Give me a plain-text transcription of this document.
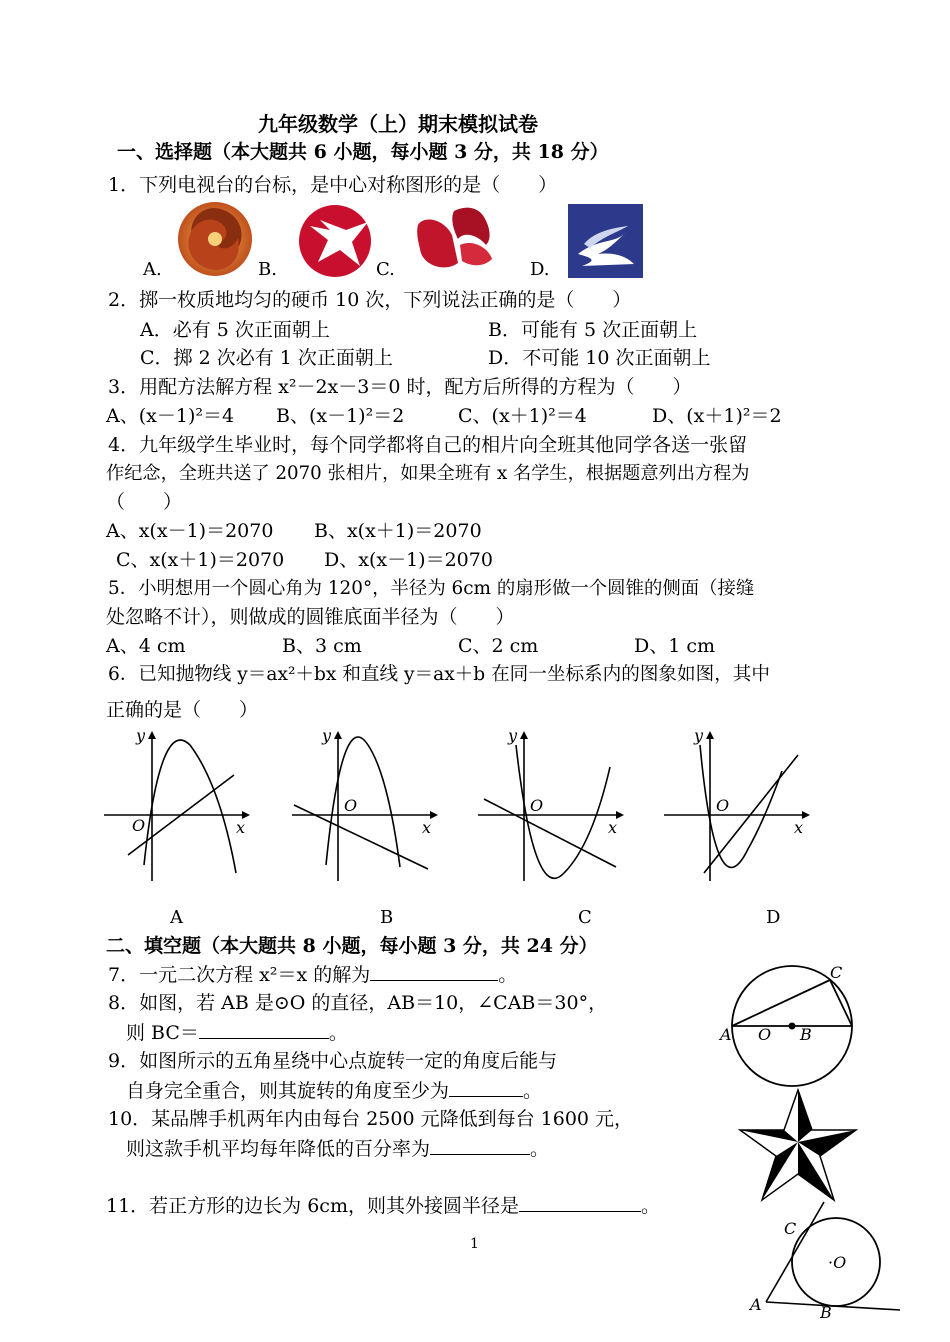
九年级数学（上）期末模拟试卷
一、选择题（本大题共 6 小题，每小题 3 分，共 18 分）
1．下列电视台的台标，是中心对称图形的是（　　）
A.	B.	C.	D.
2．掷一枚质地均匀的硬币 10 次，下列说法正确的是（　　）
A．必有 5 次正面朝上	B．可能有 5 次正面朝上
C．掷 2 次必有 1 次正面朝上	D．不可能 10 次正面朝上
3．用配方法解方程 x²－2x－3＝0 时，配方后所得的方程为（　　）
A、(x－1)²＝4 B、(x－1)²＝2	C、(x＋1)²＝4	D、(x＋1)²＝2
4．九年级学生毕业时，每个同学都将自己的相片向全班其他同学各送一张留
作纪念，全班共送了 2070 张相片，如果全班有 x 名学生，根据题意列出方程为
（　　）
A、x(x－1)＝2070 B、x(x＋1)＝2070
C、x(x＋1)＝2070 D、x(x－1)＝2070
5．小明想用一个圆心角为 120°，半径为 6cm 的扇形做一个圆锥的侧面（接缝
处忽略不计），则做成的圆锥底面半径为（　　）
A、4 cm	B、3 cm	C、2 cm	D、1 cm
6．已知抛物线 y＝ax²＋bx 和直线 y＝ax＋b 在同一坐标系内的图象如图，其中
正确的是（　　）
y
x
O
y
x
O
y
x
O
y
x
O
A	B	C	D
二、填空题（本大题共 8 小题，每小题 3 分，共 24 分）
7．一元二次方程 x²＝x 的解为	。
8．如图，若 AB 是⊙O 的直径，AB＝10，∠CAB＝30°，
则 BC＝	。	A O B
C
9．如图所示的五角星绕中心点旋转一定的角度后能与
自身完全重合，则其旋转的角度至少为	。
10．某品牌手机两年内由每台 2500 元降低到每台 1600 元，
则这款手机平均每年降低的百分率为	。
11．若正方形的边长为 6cm，则其外接圆半径是	。
C
·O
A	B
1
